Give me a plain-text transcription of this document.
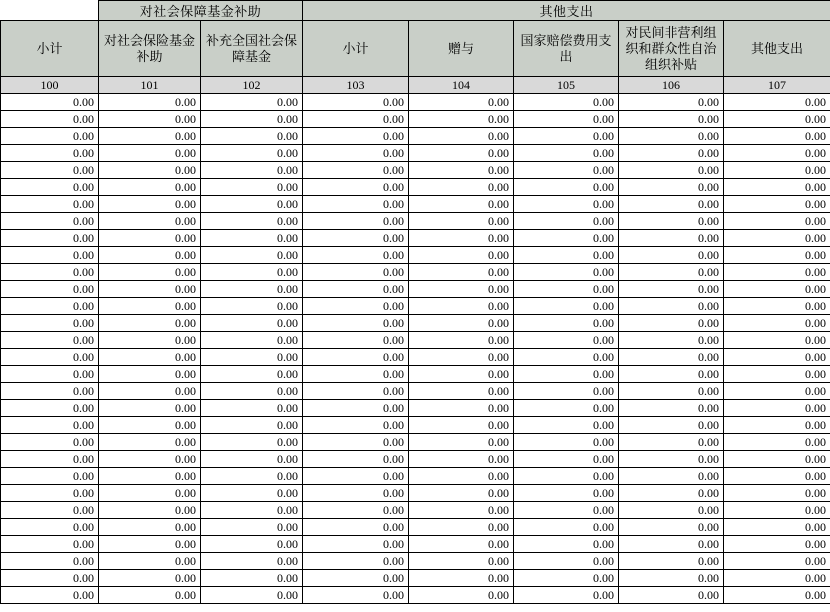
	对社会保障基金补助		其他支出				
小计	对社会保险基金补助	补充全国社会保障基金	小计	赠与	国家赔偿费用支出	对民间非营利组织和群众性自治组织补贴	其他支出
100	101	102	103	104	105	106	107
0.00	0.00	0.00	0.00	0.00	0.00	0.00	0.00
0.00	0.00	0.00	0.00	0.00	0.00	0.00	0.00
0.00	0.00	0.00	0.00	0.00	0.00	0.00	0.00
0.00	0.00	0.00	0.00	0.00	0.00	0.00	0.00
0.00	0.00	0.00	0.00	0.00	0.00	0.00	0.00
0.00	0.00	0.00	0.00	0.00	0.00	0.00	0.00
0.00	0.00	0.00	0.00	0.00	0.00	0.00	0.00
0.00	0.00	0.00	0.00	0.00	0.00	0.00	0.00
0.00	0.00	0.00	0.00	0.00	0.00	0.00	0.00
0.00	0.00	0.00	0.00	0.00	0.00	0.00	0.00
0.00	0.00	0.00	0.00	0.00	0.00	0.00	0.00
0.00	0.00	0.00	0.00	0.00	0.00	0.00	0.00
0.00	0.00	0.00	0.00	0.00	0.00	0.00	0.00
0.00	0.00	0.00	0.00	0.00	0.00	0.00	0.00
0.00	0.00	0.00	0.00	0.00	0.00	0.00	0.00
0.00	0.00	0.00	0.00	0.00	0.00	0.00	0.00
0.00	0.00	0.00	0.00	0.00	0.00	0.00	0.00
0.00	0.00	0.00	0.00	0.00	0.00	0.00	0.00
0.00	0.00	0.00	0.00	0.00	0.00	0.00	0.00
0.00	0.00	0.00	0.00	0.00	0.00	0.00	0.00
0.00	0.00	0.00	0.00	0.00	0.00	0.00	0.00
0.00	0.00	0.00	0.00	0.00	0.00	0.00	0.00
0.00	0.00	0.00	0.00	0.00	0.00	0.00	0.00
0.00	0.00	0.00	0.00	0.00	0.00	0.00	0.00
0.00	0.00	0.00	0.00	0.00	0.00	0.00	0.00
0.00	0.00	0.00	0.00	0.00	0.00	0.00	0.00
0.00	0.00	0.00	0.00	0.00	0.00	0.00	0.00
0.00	0.00	0.00	0.00	0.00	0.00	0.00	0.00
0.00	0.00	0.00	0.00	0.00	0.00	0.00	0.00
0.00	0.00	0.00	0.00	0.00	0.00	0.00	0.00
